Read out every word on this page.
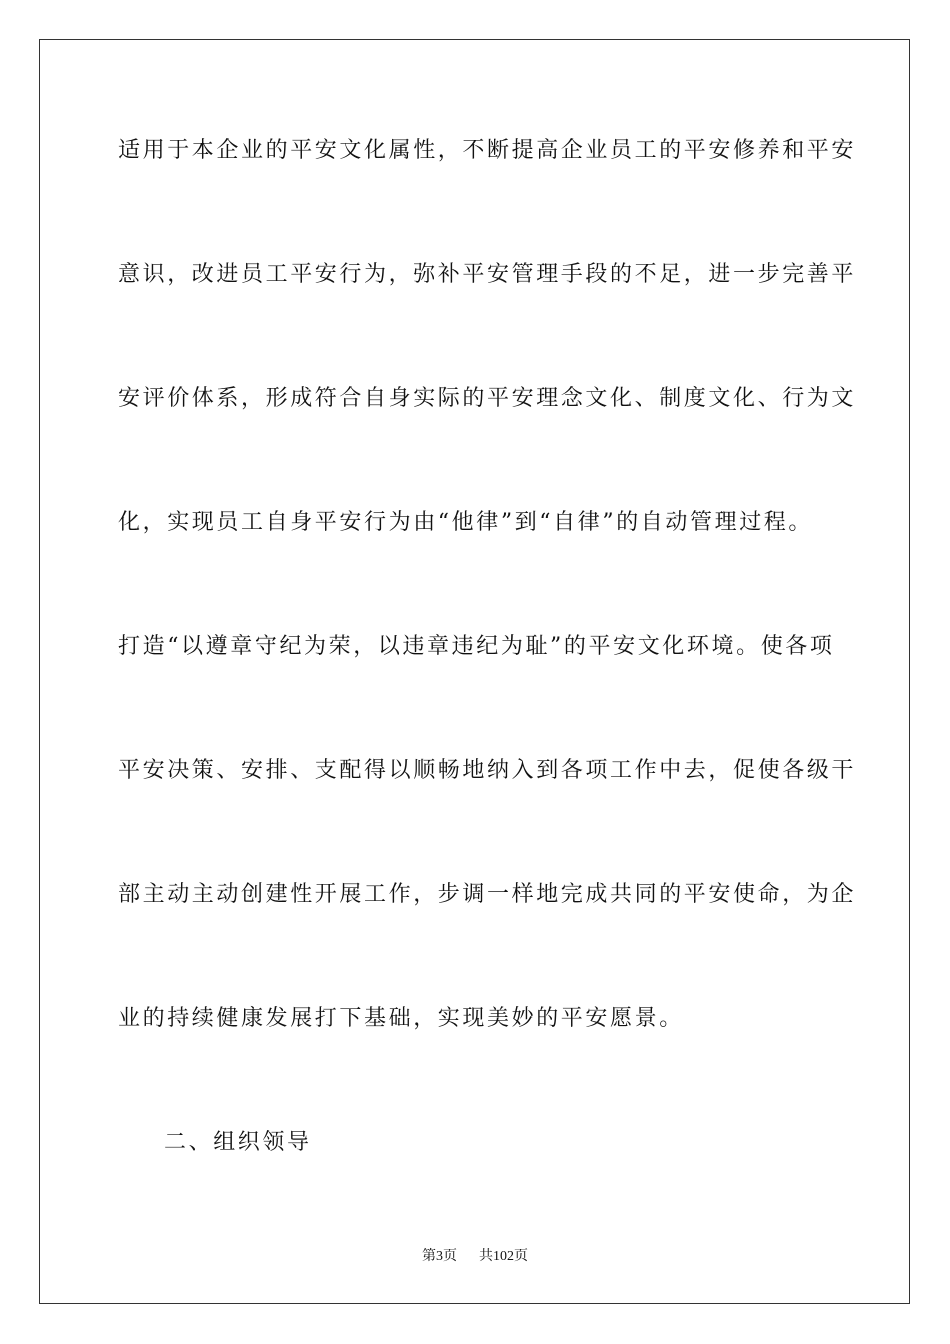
适用于本企业的平安文化属性，不断提高企业员工的平安修养和平安
意识，改进员工平安行为，弥补平安管理手段的不足，进一步完善平
安评价体系，形成符合自身实际的平安理念文化、制度文化、行为文
化，实现员工自身平安行为由“他律”到“自律”的自动管理过程。
打造“以遵章守纪为荣，以违章违纪为耻”的平安文化环境。使各项
平安决策、安排、支配得以顺畅地纳入到各项工作中去，促使各级干
部主动主动创建性开展工作，步调一样地完成共同的平安使命，为企
业的持续健康发展打下基础，实现美妙的平安愿景。
二、组织领导
第3页 共102页
